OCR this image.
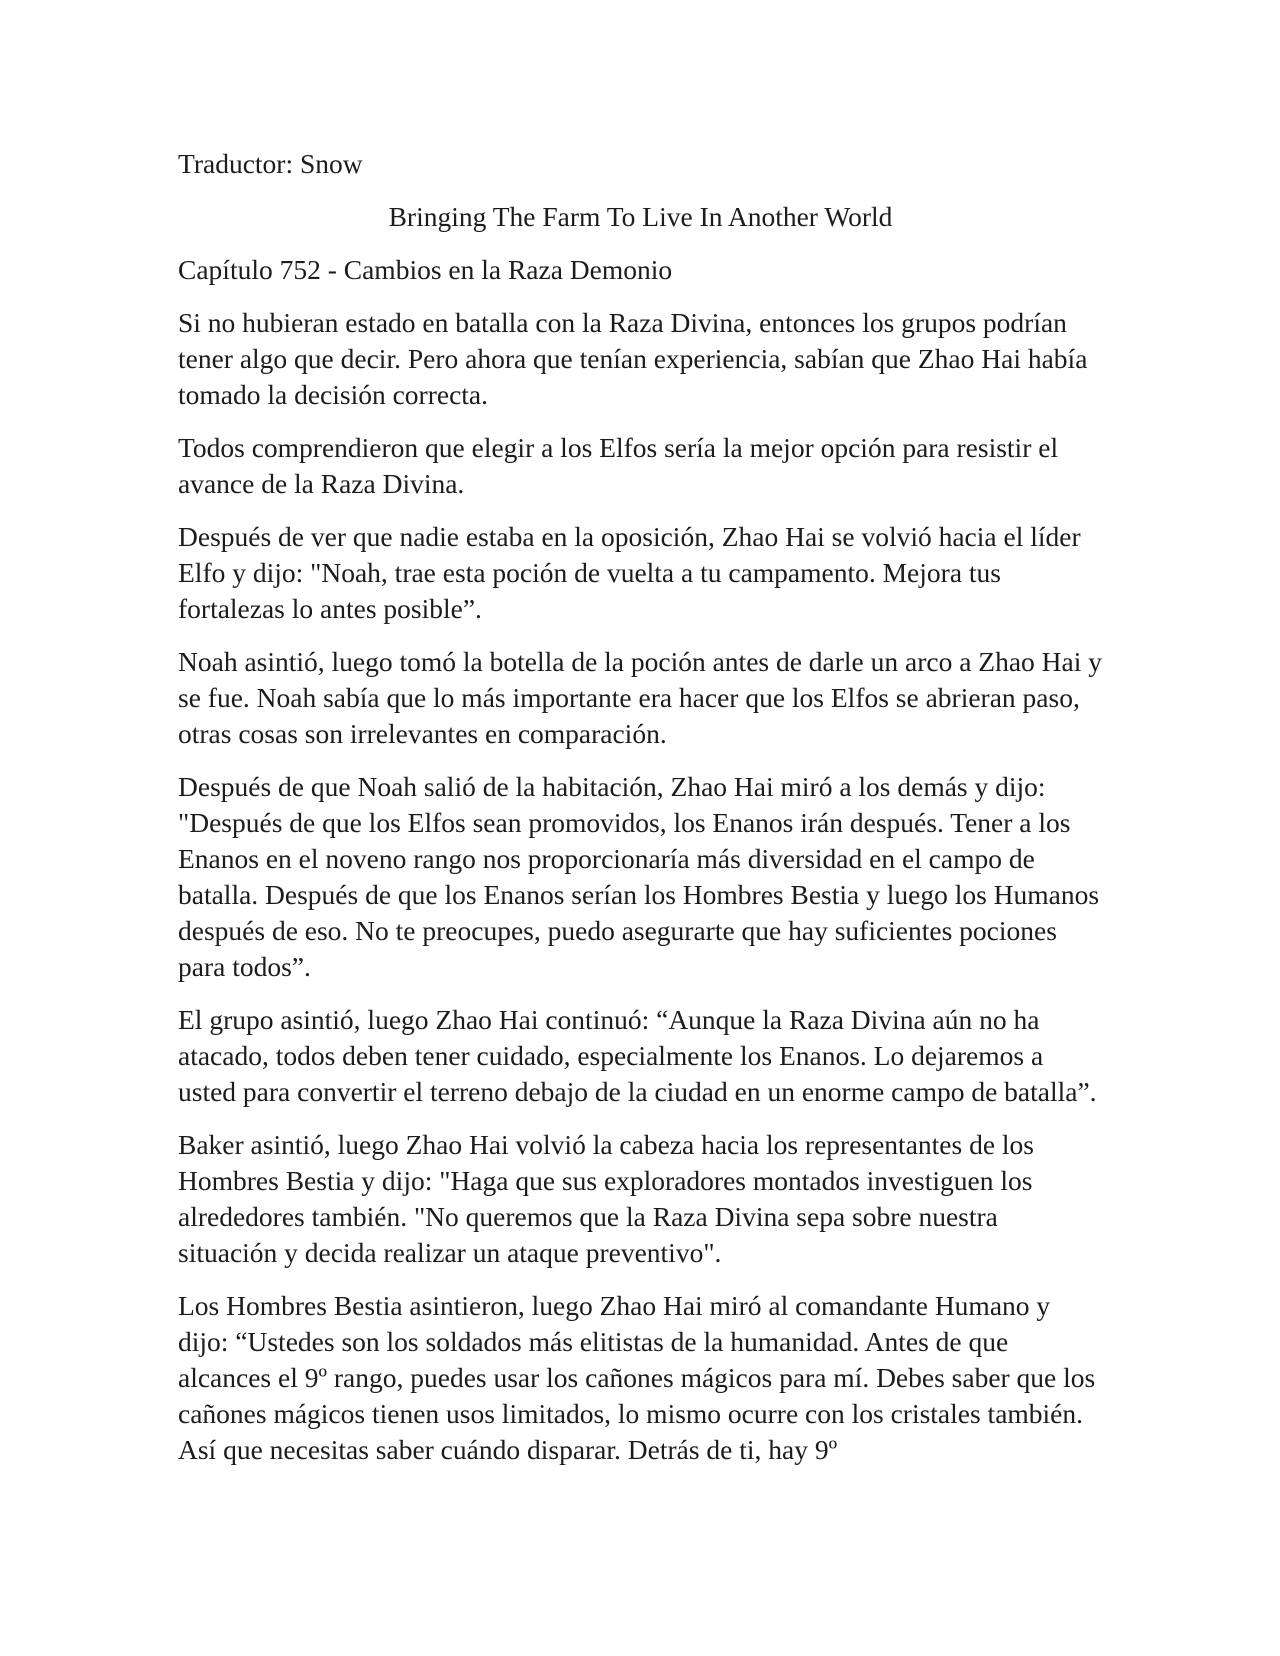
Traductor: Snow
Bringing The Farm To Live In Another World
Capítulo 752 - Cambios en la Raza Demonio

Si no hubieran estado en batalla con la Raza Divina, entonces los grupos podrían tener algo que decir. Pero ahora que tenían experiencia, sabían que Zhao Hai había tomado la decisión correcta.

Todos comprendieron que elegir a los Elfos sería la mejor opción para resistir el avance de la Raza Divina.

Después de ver que nadie estaba en la oposición, Zhao Hai se volvió hacia el líder Elfo y dijo: "Noah, trae esta poción de vuelta a tu campamento. Mejora tus fortalezas lo antes posible”.

Noah asintió, luego tomó la botella de la poción antes de darle un arco a Zhao Hai y se fue. Noah sabía que lo más importante era hacer que los Elfos se abrieran paso, otras cosas son irrelevantes en comparación.

Después de que Noah salió de la habitación, Zhao Hai miró a los demás y dijo: "Después de que los Elfos sean promovidos, los Enanos irán después. Tener a los Enanos en el noveno rango nos proporcionaría más diversidad en el campo de batalla. Después de que los Enanos serían los Hombres Bestia y luego los Humanos después de eso. No te preocupes, puedo asegurarte que hay suficientes pociones para todos”.

El grupo asintió, luego Zhao Hai continuó: “Aunque la Raza Divina aún no ha atacado, todos deben tener cuidado, especialmente los Enanos. Lo dejaremos a usted para convertir el terreno debajo de la ciudad en un enorme campo de batalla”.

Baker asintió, luego Zhao Hai volvió la cabeza hacia los representantes de los Hombres Bestia y dijo: "Haga que sus exploradores montados investiguen los alrededores también. "No queremos que la Raza Divina sepa sobre nuestra situación y decida realizar un ataque preventivo".

Los Hombres Bestia asintieron, luego Zhao Hai miró al comandante Humano y dijo: “Ustedes son los soldados más elitistas de la humanidad. Antes de que alcances el 9º rango, puedes usar los cañones mágicos para mí. Debes saber que los cañones mágicos tienen usos limitados, lo mismo ocurre con los cristales también. Así que necesitas saber cuándo disparar. Detrás de ti, hay 9º
